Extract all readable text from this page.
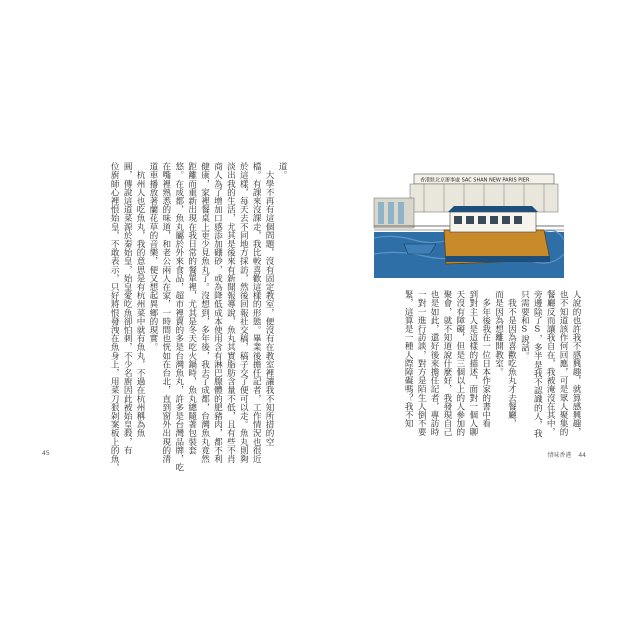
道。
　大學不再有這個問題，沒有固定教室，便沒有在教室裡讓我不知所措的空
檔。有課來沒課走，我比較喜歡這樣的形態。畢業後擔任記者，工作情況也很近
於這樣，每天去不同地方採訪，然後回報社交稿，稿子交了便可以走。魚丸則夠
淡出我的生活，尤其是後來有新聞報導說，魚丸其實脂肪含量不低，且有些不肖
商人為了增加口感添加硼砂，或為降低成本使用含有淋巴腺體的肥豬肉，都不利
健康，家裡餐桌上更少見魚丸了。沒想到，多年後，我去了成都，台灣魚丸竟然
距離而重新出現在我日常的餐單裡，尤其是冬天吃火鍋時，魚丸總隨著包裝套
悠。在成都，魚丸屬於外來食品，超市裡賣的多是台灣魚丸，許多是台灣品牌，吃
在嘴裡熟悉的味道，和老公兩人在家，一時間也恍如在台北，直到窗外出現的清
道車播放著蘭花草的音樂，便又想起異鄉的現實。
　杭州人也吃魚丸，我的意思是有杭州菜中就有魚丸，不過在杭州稱為魚
圓，傳說這道菜源於秦始皇，始皇愛吃魚卻怕刺，不少名廚因此被始皇殺，有
位廚師心裡恨始皇，不敢表示，只好將恨發洩在魚身上，用菜刀狠剁案板上的魚，
45
香港駐北京辦事處 SAC SHAN NEW PARIS PIER
人說的也許我不感興趣，就算感興趣，
也不知道該作何回應，可是眾人聚集的
餐廳反而讓我自在，我被淹沒在其中，
旁邊除了S，多半是我不認識的人，我
只需要和S說話。
　我不是因為喜歡吃魚丸才去餐廳，
而是因為想離開教室。
　多年後我在一位日本作家的書中看
到對主人是這樣的描述，面對一個人聊
天沒有障礙，但是三個以上的人參加的
聚會，就不知道說什麼好，我發現自己
也是如此，還好後來擔任記者，專訪時
一對一進行訪談，對方是陌生人倒不要
緊，這算是一種人際障礙嗎？我不知
情味香港 44
